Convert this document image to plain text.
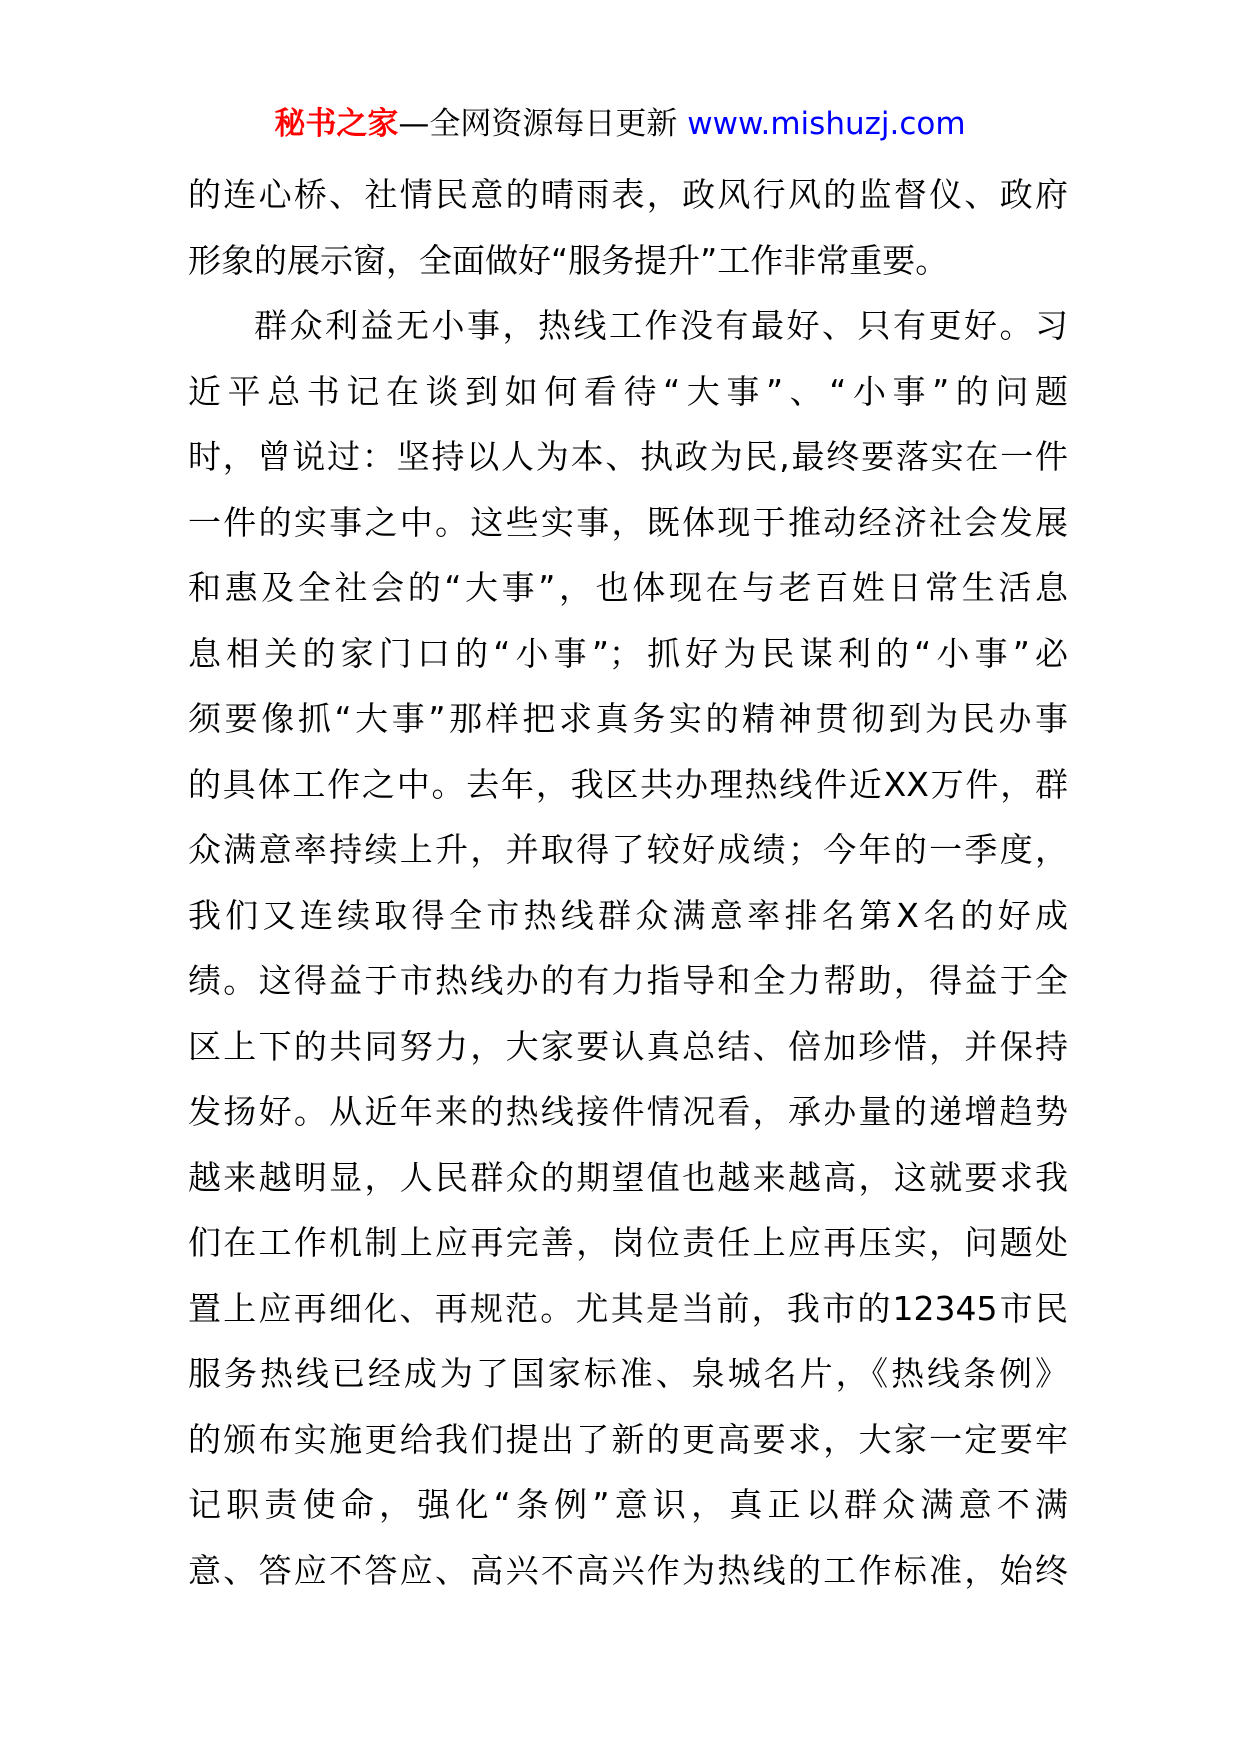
秘书之家—全网资源每日更新 www.mishuzj.com
的连心桥、社情民意的晴雨表，政风行风的监督仪、政府
形象的展示窗，全面做好“服务提升”工作非常重要。
群众利益无小事，热线工作没有最好、只有更好。习
近平总书记在谈到如何看待“大事”、“小事”的问题
时，曾说过：坚持以人为本、执政为民,最终要落实在一件
一件的实事之中。这些实事，既体现于推动经济社会发展
和惠及全社会的“大事”，也体现在与老百姓日常生活息
息相关的家门口的“小事”；抓好为民谋利的“小事”必
须要像抓“大事”那样把求真务实的精神贯彻到为民办事
的具体工作之中。去年，我区共办理热线件近XX万件，群
众满意率持续上升，并取得了较好成绩；今年的一季度，
我们又连续取得全市热线群众满意率排名第X名的好成
绩。这得益于市热线办的有力指导和全力帮助，得益于全
区上下的共同努力，大家要认真总结、倍加珍惜，并保持
发扬好。从近年来的热线接件情况看，承办量的递增趋势
越来越明显，人民群众的期望值也越来越高，这就要求我
们在工作机制上应再完善，岗位责任上应再压实，问题处
置上应再细化、再规范。尤其是当前，我市的12345市民
服务热线已经成为了国家标准、泉城名片，《热线条例》
的颁布实施更给我们提出了新的更高要求，大家一定要牢
记职责使命，强化“条例”意识，真正以群众满意不满
意、答应不答应、高兴不高兴作为热线的工作标准，始终
